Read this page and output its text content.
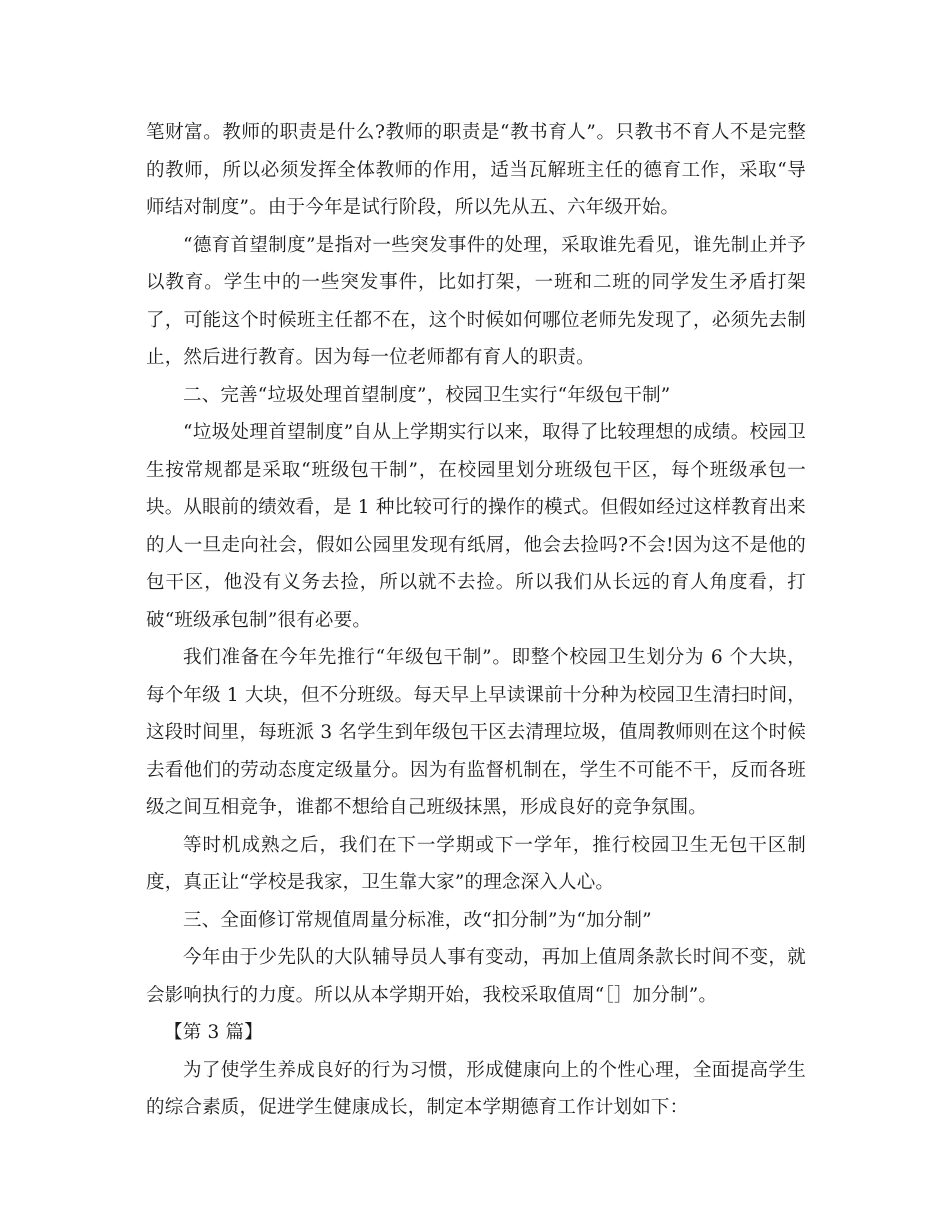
笔财富。教师的职责是什么?教师的职责是“教书育人”。只教书不育人不是完整的教师，所以必须发挥全体教师的作用，适当瓦解班主任的德育工作，采取“导师结对制度”。由于今年是试行阶段，所以先从五、六年级开始。

“德育首望制度”是指对一些突发事件的处理，采取谁先看见，谁先制止并予以教育。学生中的一些突发事件，比如打架，一班和二班的同学发生矛盾打架了，可能这个时候班主任都不在，这个时候如何哪位老师先发现了，必须先去制止，然后进行教育。因为每一位老师都有育人的职责。

二、完善“垃圾处理首望制度”，校园卫生实行“年级包干制”

“垃圾处理首望制度”自从上学期实行以来，取得了比较理想的成绩。校园卫生按常规都是采取“班级包干制”，在校园里划分班级包干区，每个班级承包一块。从眼前的绩效看，是 1 种比较可行的操作的模式。但假如经过这样教育出来的人一旦走向社会，假如公园里发现有纸屑，他会去捡吗?不会!因为这不是他的包干区，他没有义务去捡，所以就不去捡。所以我们从长远的育人角度看，打破“班级承包制”很有必要。

我们准备在今年先推行“年级包干制”。即整个校园卫生划分为 6 个大块，每个年级 1 大块，但不分班级。每天早上早读课前十分种为校园卫生清扫时间，这段时间里，每班派 3 名学生到年级包干区去清理垃圾，值周教师则在这个时候去看他们的劳动态度定级量分。因为有监督机制在，学生不可能不干，反而各班级之间互相竞争，谁都不想给自己班级抹黑，形成良好的竞争氛围。

等时机成熟之后，我们在下一学期或下一学年，推行校园卫生无包干区制度，真正让“学校是我家，卫生靠大家”的理念深入人心。

三、全面修订常规值周量分标准，改“扣分制”为“加分制”

今年由于少先队的大队辅导员人事有变动，再加上值周条款长时间不变，就会影响执行的力度。所以从本学期开始，我校采取值周“［］加分制”。

【第 3 篇】

为了使学生养成良好的行为习惯，形成健康向上的个性心理，全面提高学生的综合素质，促进学生健康成长，制定本学期德育工作计划如下：
